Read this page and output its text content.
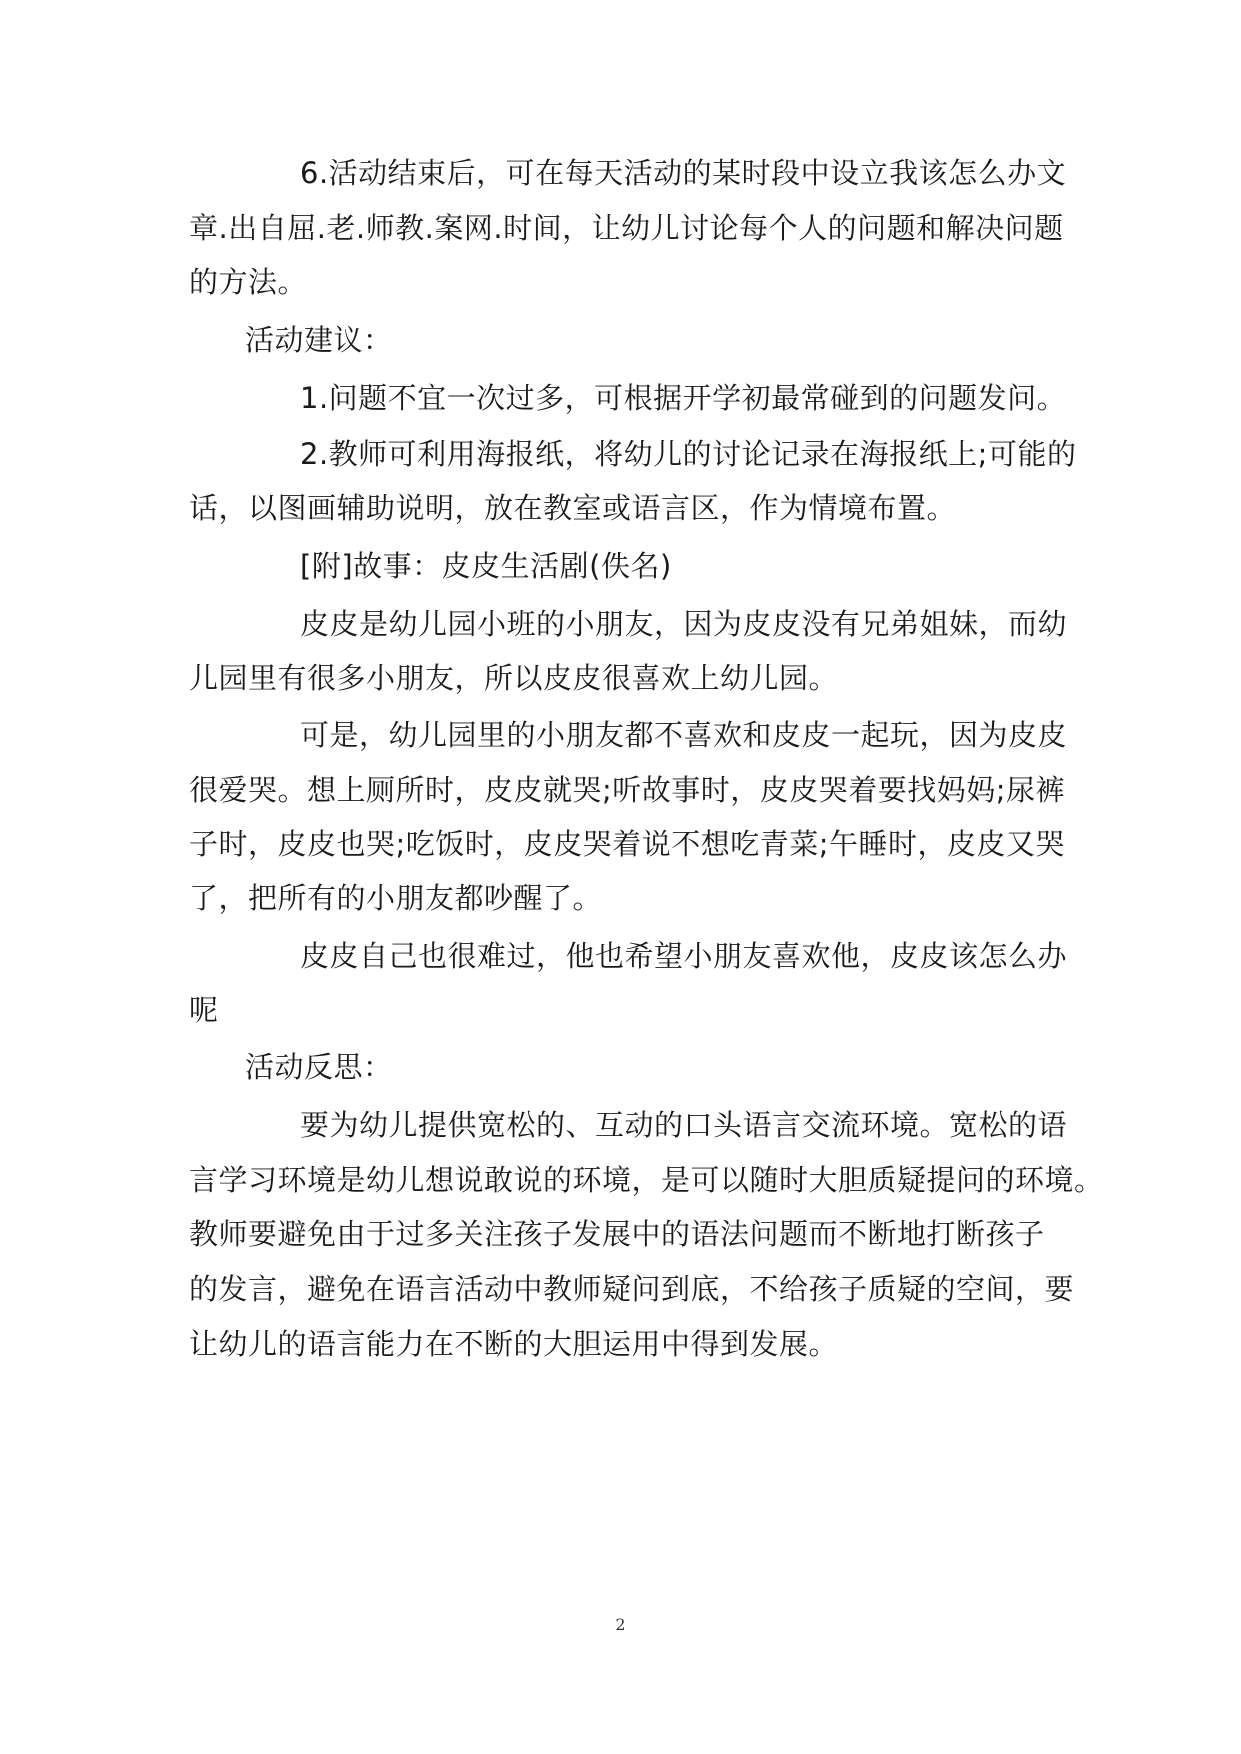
6.活动结束后，可在每天活动的某时段中设立我该怎么办文
章.出自屈.老.师教.案网.时间，让幼儿讨论每个人的问题和解决问题
的方法。
活动建议：
1.问题不宜一次过多，可根据开学初最常碰到的问题发问。
2.教师可利用海报纸，将幼儿的讨论记录在海报纸上;可能的
话，以图画辅助说明，放在教室或语言区，作为情境布置。
[附]故事：皮皮生活剧(佚名)
皮皮是幼儿园小班的小朋友，因为皮皮没有兄弟姐妹，而幼
儿园里有很多小朋友，所以皮皮很喜欢上幼儿园。
可是，幼儿园里的小朋友都不喜欢和皮皮一起玩，因为皮皮
很爱哭。想上厕所时，皮皮就哭;听故事时，皮皮哭着要找妈妈;尿裤
子时，皮皮也哭;吃饭时，皮皮哭着说不想吃青菜;午睡时，皮皮又哭
了，把所有的小朋友都吵醒了。
皮皮自己也很难过，他也希望小朋友喜欢他，皮皮该怎么办
呢
活动反思：
要为幼儿提供宽松的、互动的口头语言交流环境。宽松的语
言学习环境是幼儿想说敢说的环境，是可以随时大胆质疑提问的环境。
教师要避免由于过多关注孩子发展中的语法问题而不断地打断孩子
的发言，避免在语言活动中教师疑问到底，不给孩子质疑的空间，要
让幼儿的语言能力在不断的大胆运用中得到发展。
2
